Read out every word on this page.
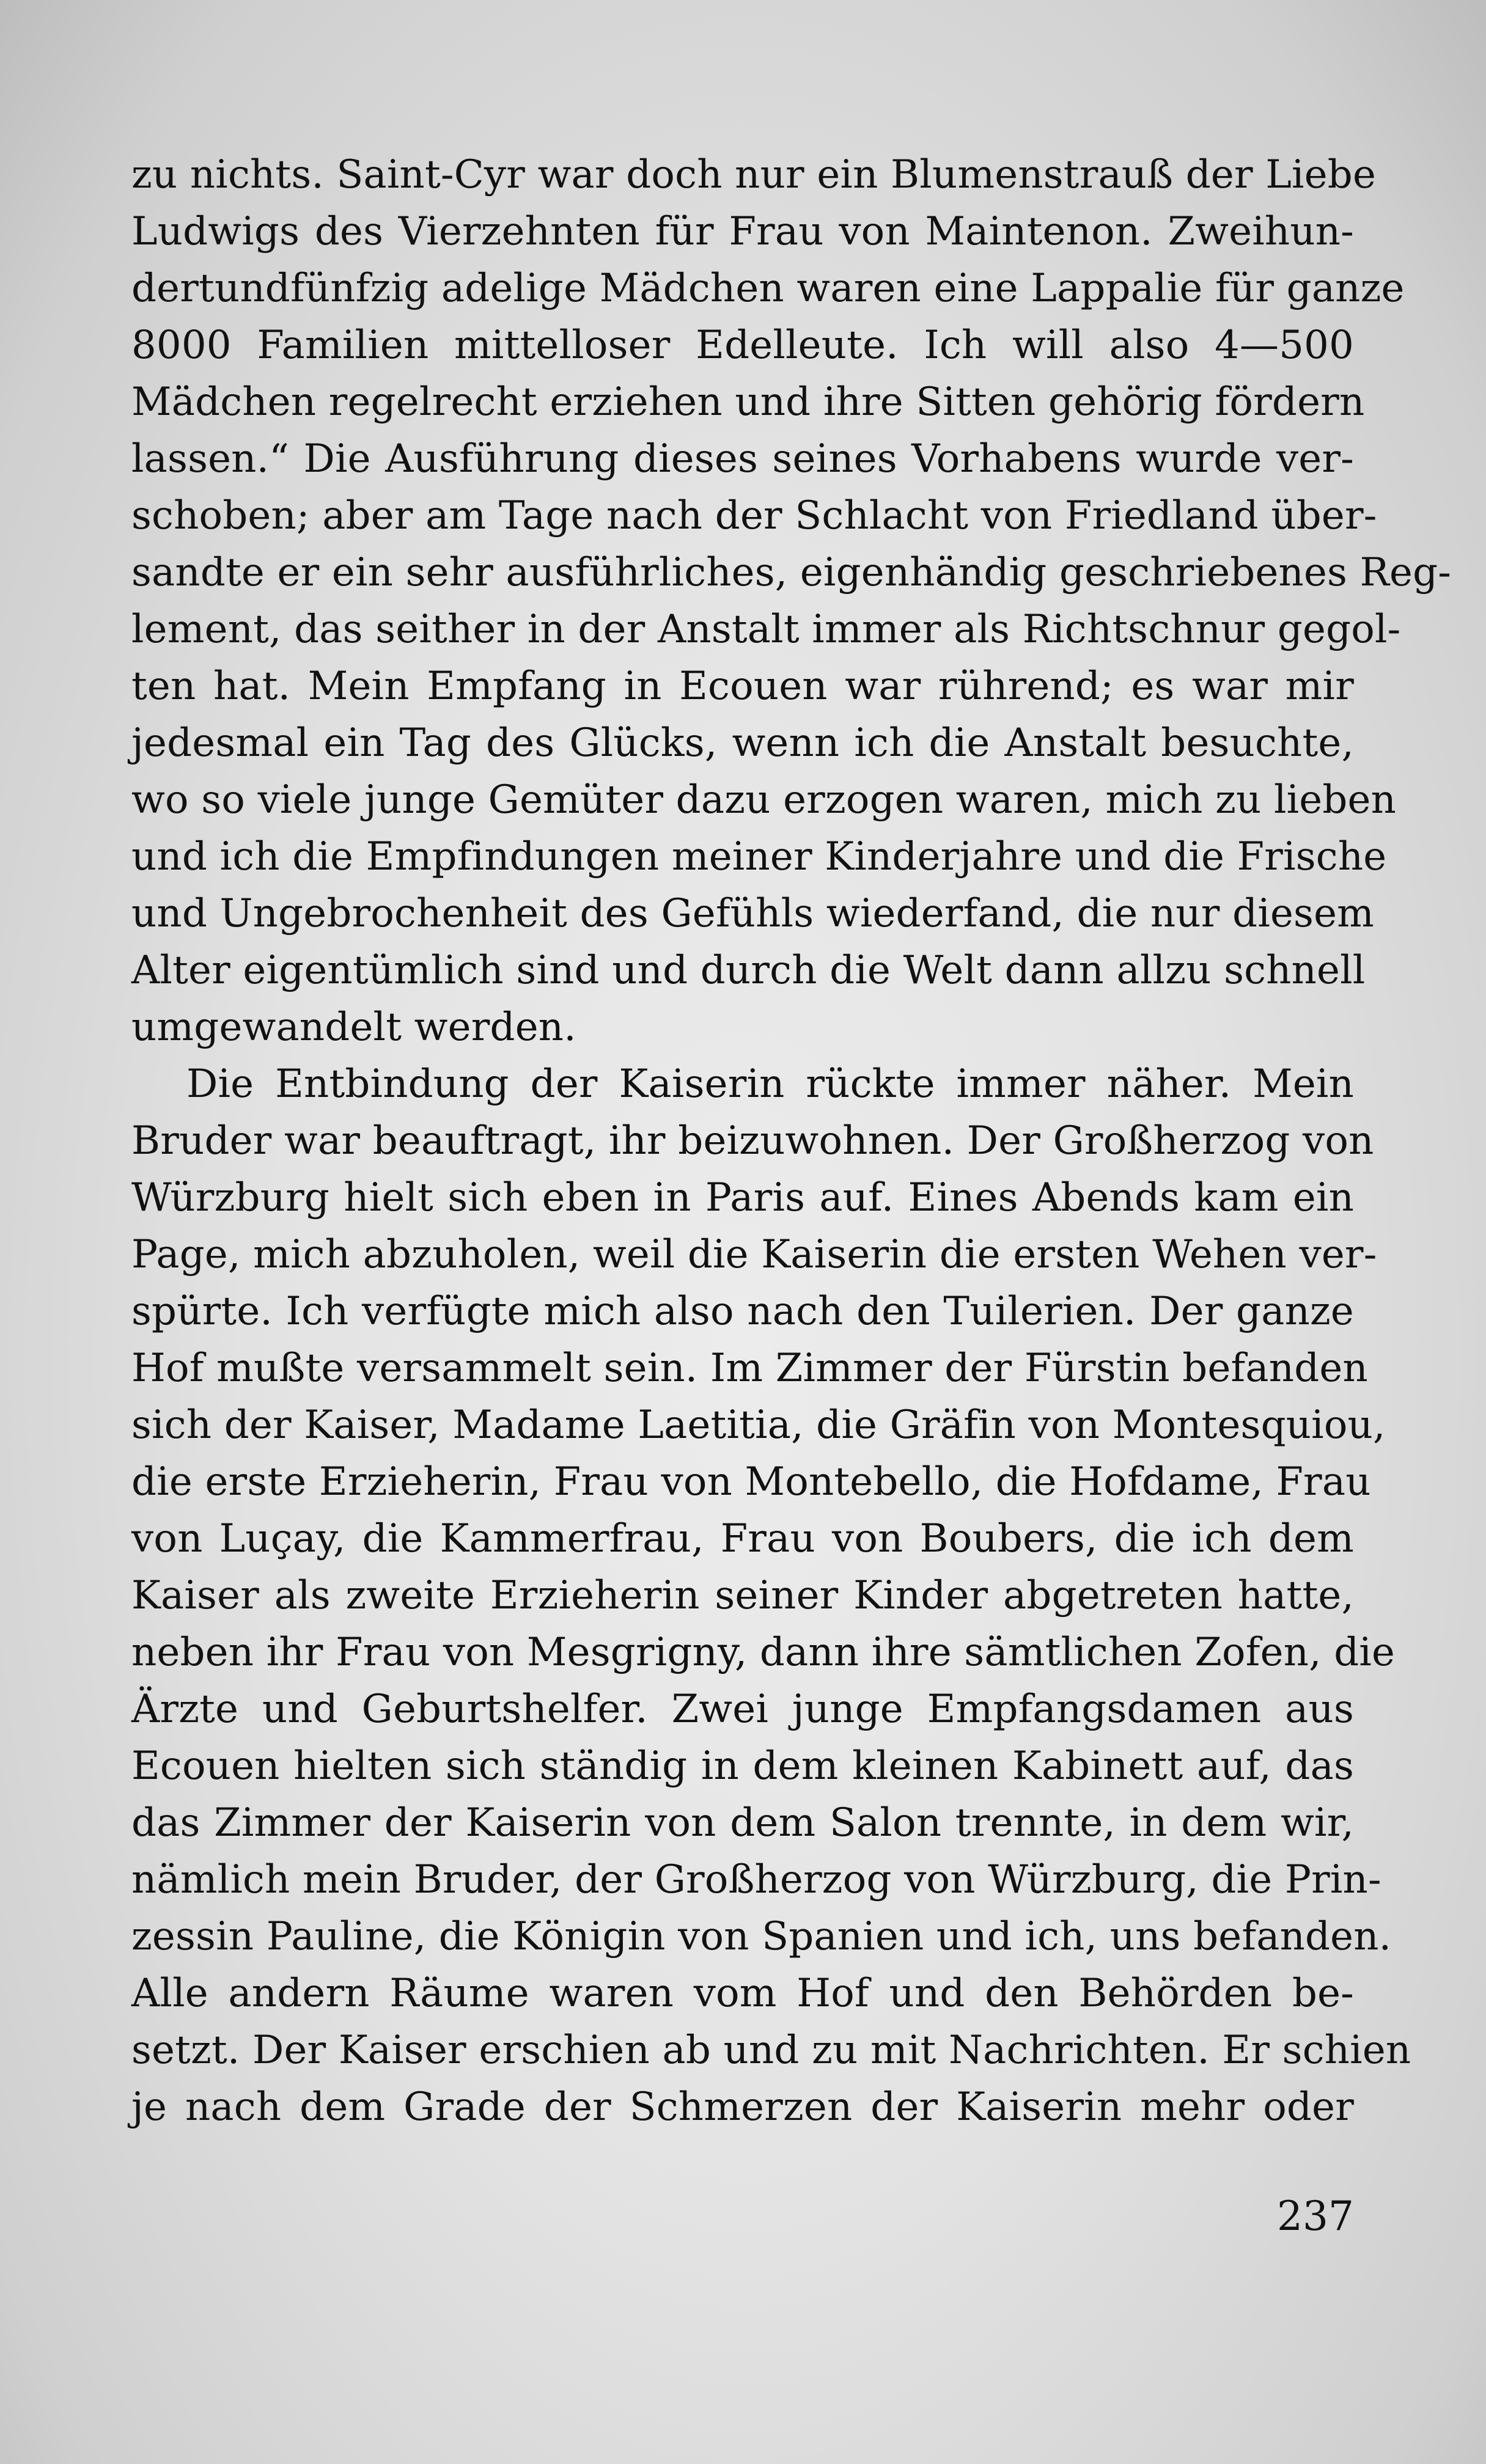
zu nichts. Saint-Cyr war doch nur ein Blumenstrauß der Liebe
Ludwigs des Vierzehnten für Frau von Maintenon. Zweihun-
dertundfünfzig adelige Mädchen waren eine Lappalie für ganze
8000 Familien mittelloser Edelleute. Ich will also 4—500
Mädchen regelrecht erziehen und ihre Sitten gehörig fördern
lassen.“ Die Ausführung dieses seines Vorhabens wurde ver-
schoben; aber am Tage nach der Schlacht von Friedland über-
sandte er ein sehr ausführliches, eigenhändig geschriebenes Reg-
lement, das seither in der Anstalt immer als Richtschnur gegol-
ten hat. Mein Empfang in Ecouen war rührend; es war mir
jedesmal ein Tag des Glücks, wenn ich die Anstalt besuchte,
wo so viele junge Gemüter dazu erzogen waren, mich zu lieben
und ich die Empfindungen meiner Kinderjahre und die Frische
und Ungebrochenheit des Gefühls wiederfand, die nur diesem
Alter eigentümlich sind und durch die Welt dann allzu schnell
umgewandelt werden.
Die Entbindung der Kaiserin rückte immer näher. Mein
Bruder war beauftragt, ihr beizuwohnen. Der Großherzog von
Würzburg hielt sich eben in Paris auf. Eines Abends kam ein
Page, mich abzuholen, weil die Kaiserin die ersten Wehen ver-
spürte. Ich verfügte mich also nach den Tuilerien. Der ganze
Hof mußte versammelt sein. Im Zimmer der Fürstin befanden
sich der Kaiser, Madame Laetitia, die Gräfin von Montesquiou,
die erste Erzieherin, Frau von Montebello, die Hofdame, Frau
von Luçay, die Kammerfrau, Frau von Boubers, die ich dem
Kaiser als zweite Erzieherin seiner Kinder abgetreten hatte,
neben ihr Frau von Mesgrigny, dann ihre sämtlichen Zofen, die
Ärzte und Geburtshelfer. Zwei junge Empfangsdamen aus
Ecouen hielten sich ständig in dem kleinen Kabinett auf, das
das Zimmer der Kaiserin von dem Salon trennte, in dem wir,
nämlich mein Bruder, der Großherzog von Würzburg, die Prin-
zessin Pauline, die Königin von Spanien und ich, uns befanden.
Alle andern Räume waren vom Hof und den Behörden be-
setzt. Der Kaiser erschien ab und zu mit Nachrichten. Er schien
je nach dem Grade der Schmerzen der Kaiserin mehr oder
237
